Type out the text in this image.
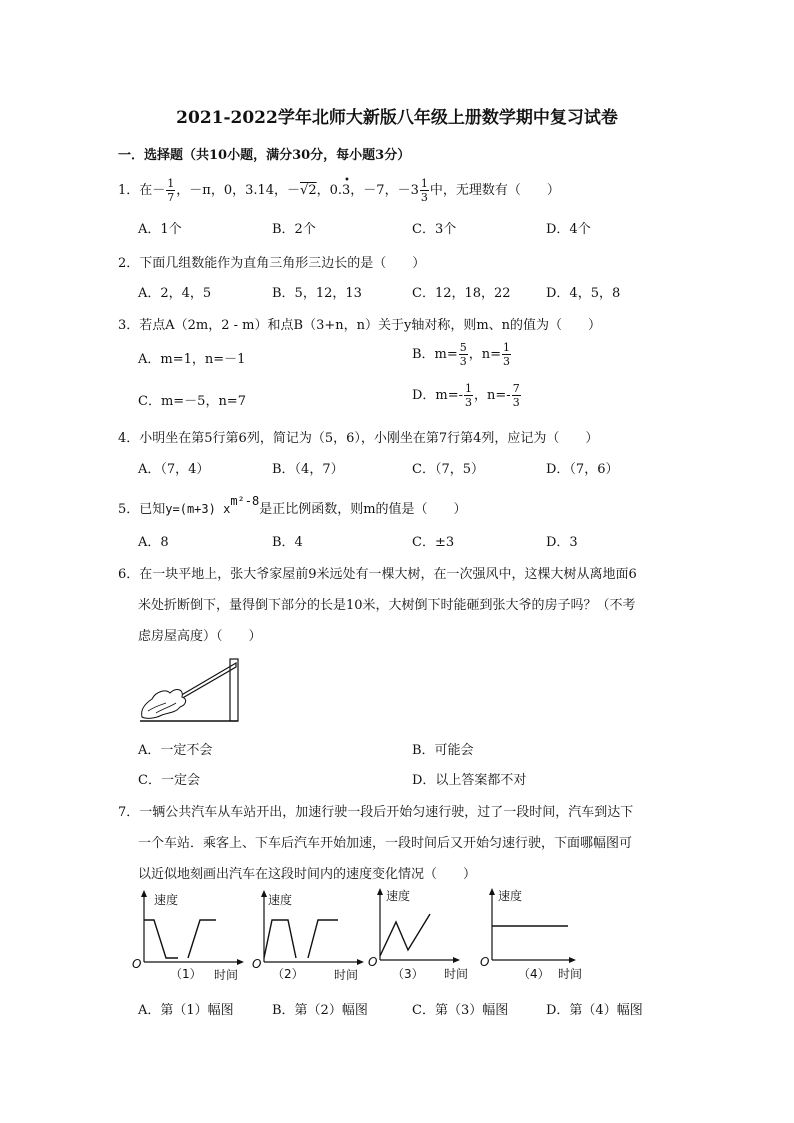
2021-2022学年北师大新版八年级上册数学期中复习试卷
一．选择题（共10小题，满分30分，每小题3分）
1．在－ $\frac{1}{7}$ ，－π，0，3.14，－√2，0.3
•
，－7，$-3 \frac{1}{3}$ 中，无理数有（　　）
A．1个	B．2个	C．3个	D．4个
2．下面几组数能作为直角三角形三边长的是（　　）
A．2，4，5	B．5，12，13	C．12，18，22	D．4，5，8
3．若点A（2m，2 - m）和点B（3+n，n）关于y轴对称，则m、n的值为（　　）
A．m=1，n=－1	B．$m= \frac{5}{3}$ ，$n= \frac{1}{3}$
C．m=－5，n=7	D．$m=- \frac{1}{3}$ ，$n=- \frac{7}{3}$
4．小明坐在第5行第6列，简记为（5，6），小刚坐在第7行第4列，应记为（　　）
A．（7，4）	B．（4，7）	C．（7，5）	D．（7，6）
5．已知y=(m+3) xm²-8是正比例函数，则m的值是（　　）
A．8	B．4	C．±3	D．3
6．在一块平地上，张大爷家屋前9米远处有一棵大树，在一次强风中，这棵大树从离地面6
米处折断倒下，量得倒下部分的长是10米，大树倒下时能砸到张大爷的房子吗？（不考
虑房屋高度）（　　）
A．一定不会	B．可能会
C．一定会	D．以上答案都不对
7．一辆公共汽车从车站开出，加速行驶一段后开始匀速行驶，过了一段时间，汽车到达下
一个车站．乘客上、下车后汽车开始加速，一段时间后又开始匀速行驶，下面哪幅图可
以近似地刻画出汽车在这段时间内的速度变化情况（　　）
速度
O
时间
（1）
速度
O
时间
（2）
速度
O
时间
（3）
速度
O
时间
（4）
A．第（1）幅图	B．第（2）幅图	C．第（3）幅图	D．第（4）幅图
